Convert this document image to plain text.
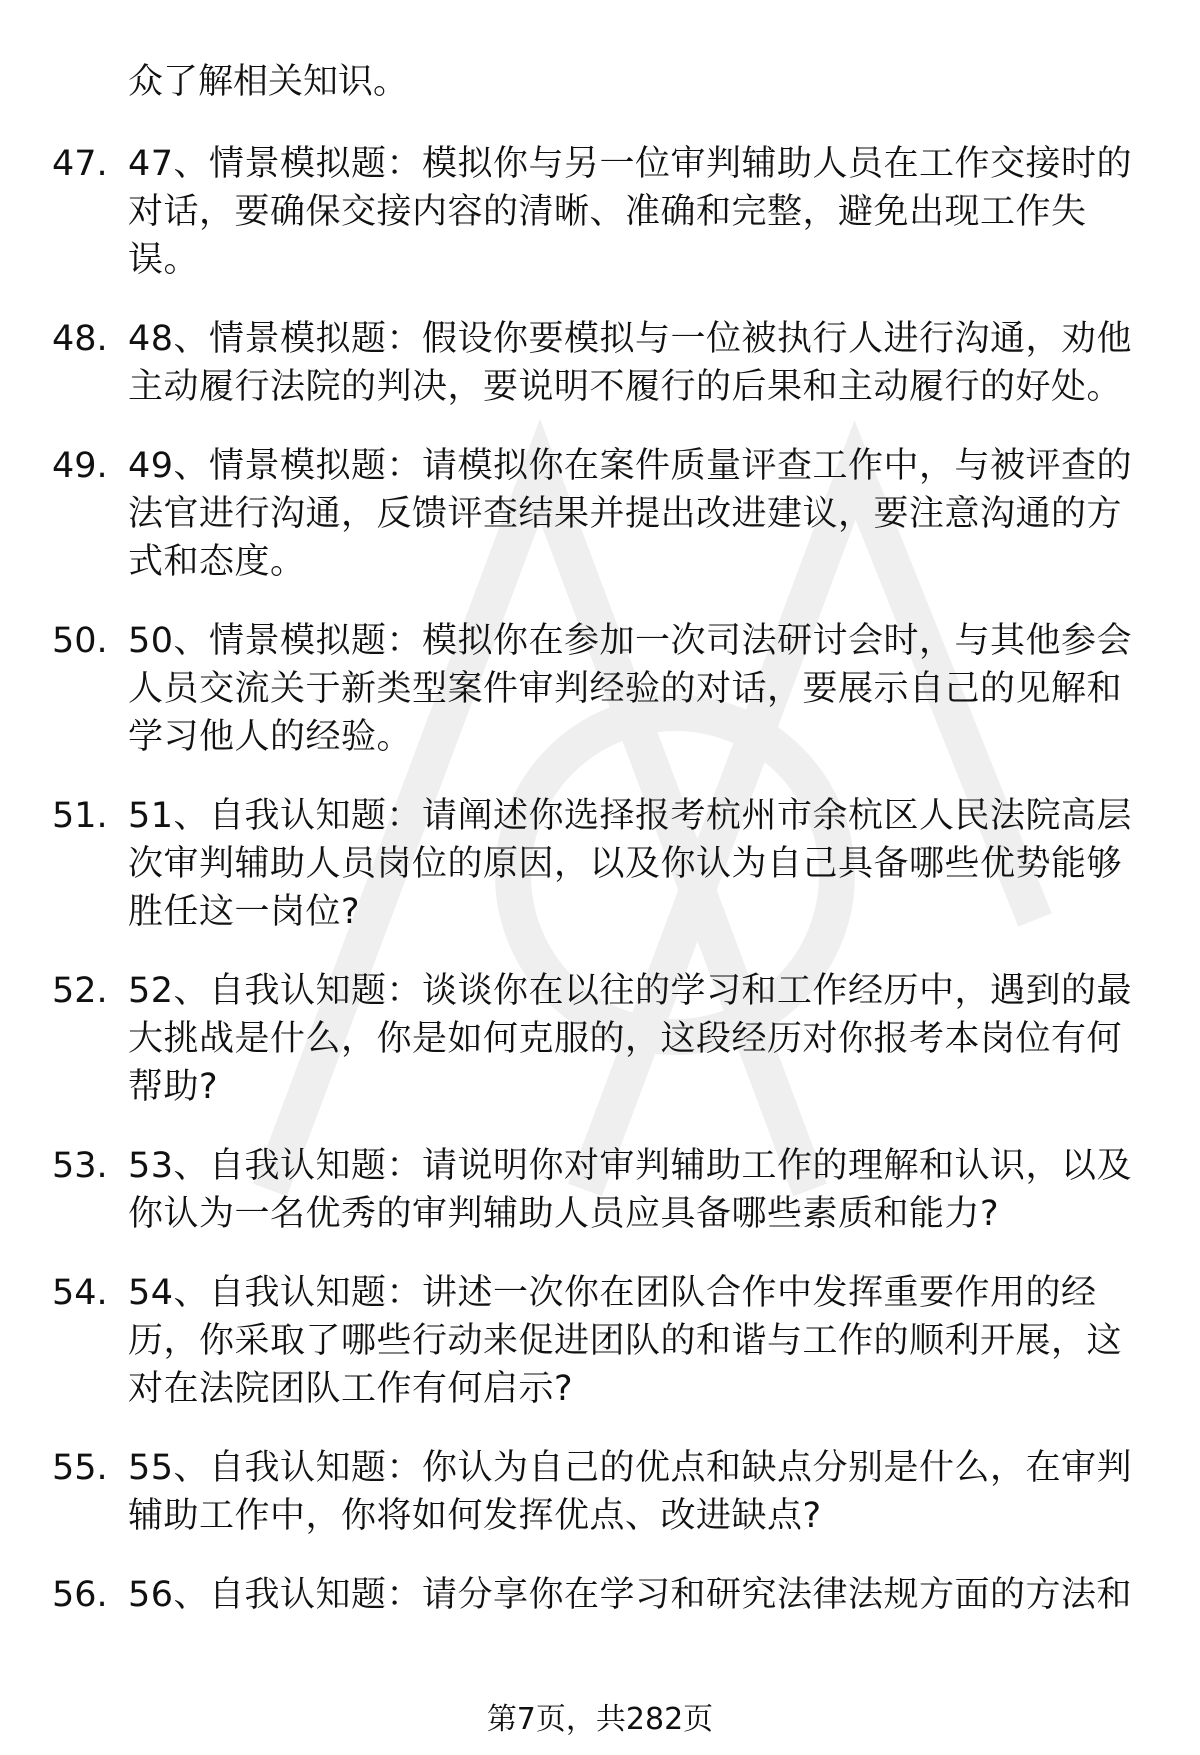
众了解相关知识。

47. 47、情景模拟题：模拟你与另一位审判辅助人员在工作交接时的对话，要确保交接内容的清晰、准确和完整，避免出现工作失误。
48. 48、情景模拟题：假设你要模拟与一位被执行人进行沟通，劝他主动履行法院的判决，要说明不履行的后果和主动履行的好处。
49. 49、情景模拟题：请模拟你在案件质量评查工作中，与被评查的法官进行沟通，反馈评查结果并提出改进建议，要注意沟通的方式和态度。
50. 50、情景模拟题：模拟你在参加一次司法研讨会时，与其他参会人员交流关于新类型案件审判经验的对话，要展示自己的见解和学习他人的经验。
51. 51、自我认知题：请阐述你选择报考杭州市余杭区人民法院高层次审判辅助人员岗位的原因，以及你认为自己具备哪些优势能够胜任这一岗位?
52. 52、自我认知题：谈谈你在以往的学习和工作经历中，遇到的最大挑战是什么，你是如何克服的，这段经历对你报考本岗位有何帮助?
53. 53、自我认知题：请说明你对审判辅助工作的理解和认识，以及你认为一名优秀的审判辅助人员应具备哪些素质和能力?
54. 54、自我认知题：讲述一次你在团队合作中发挥重要作用的经历，你采取了哪些行动来促进团队的和谐与工作的顺利开展，这对在法院团队工作有何启示?
55. 55、自我认知题：你认为自己的优点和缺点分别是什么，在审判辅助工作中，你将如何发挥优点、改进缺点?
56. 56、自我认知题：请分享你在学习和研究法律法规方面的方法和
第7页，共282页
